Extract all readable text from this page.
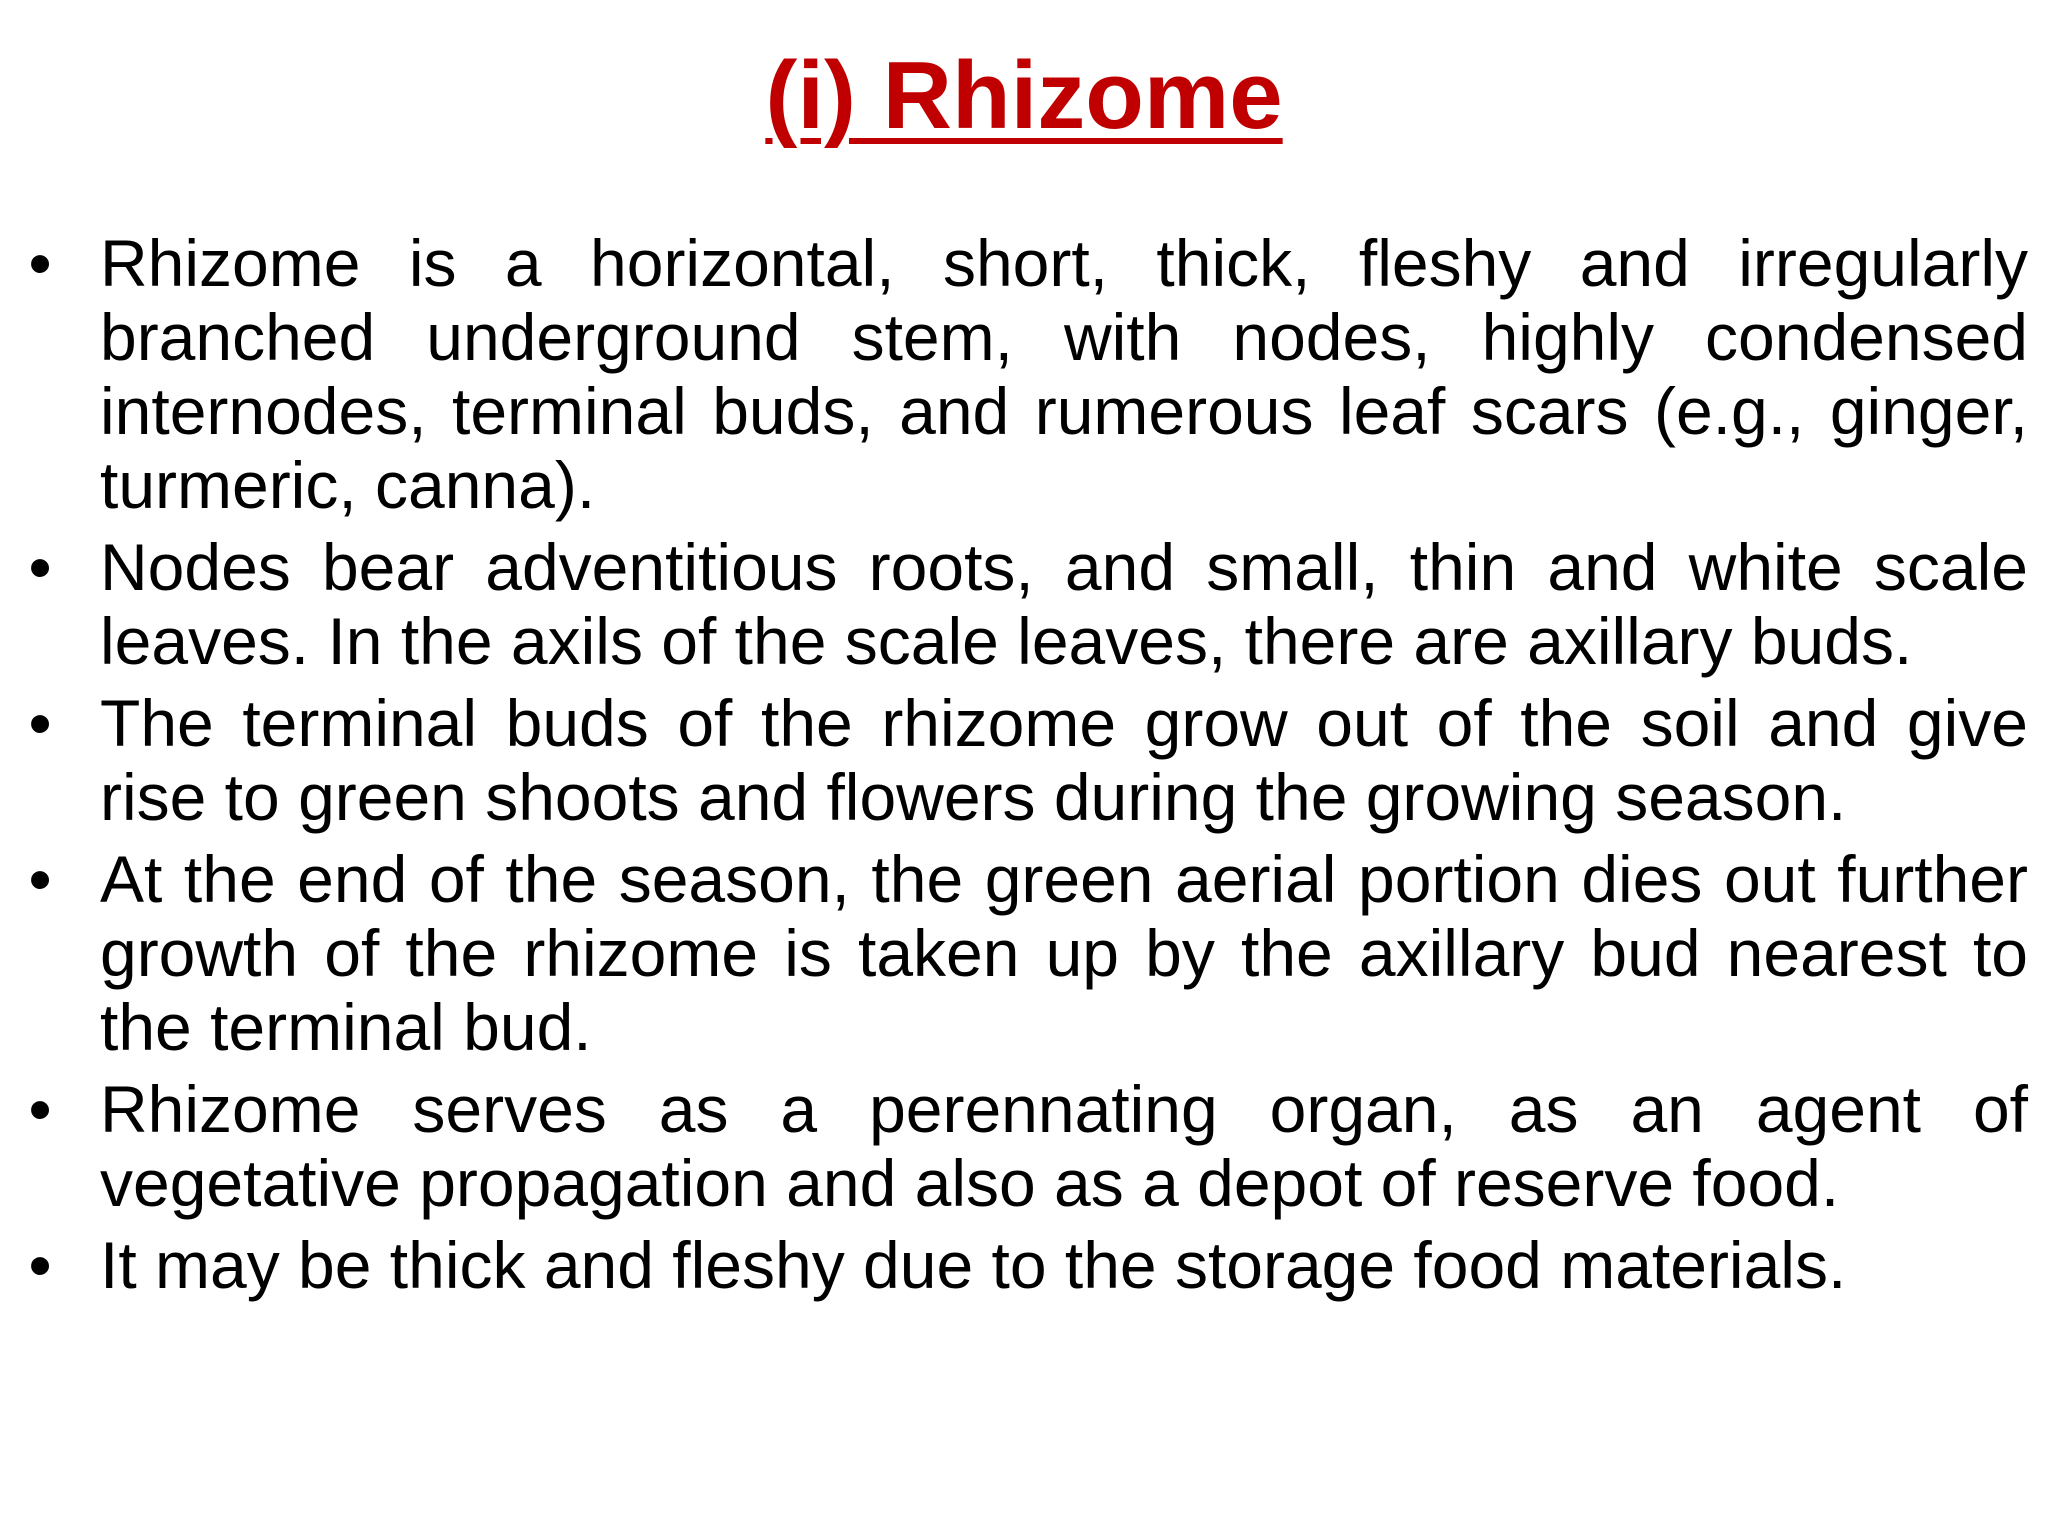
(i) Rhizome
• Rhizome is a horizontal, short, thick, fleshy and irregularly branched underground stem, with nodes, highly condensed internodes, terminal buds, and rumerous leaf scars (e.g., ginger, turmeric, canna).
• Nodes bear adventitious roots, and small, thin and white scale leaves. In the axils of the scale leaves, there are axillary buds.
• The terminal buds of the rhizome grow out of the soil and give rise to green shoots and flowers during the growing season.
• At the end of the season, the green aerial portion dies out further growth of the rhizome is taken up by the axillary bud nearest to the terminal bud.
• Rhizome serves as a perennating organ, as an agent of vegetative propagation and also as a depot of reserve food.
• It may be thick and fleshy due to the storage food materials.
